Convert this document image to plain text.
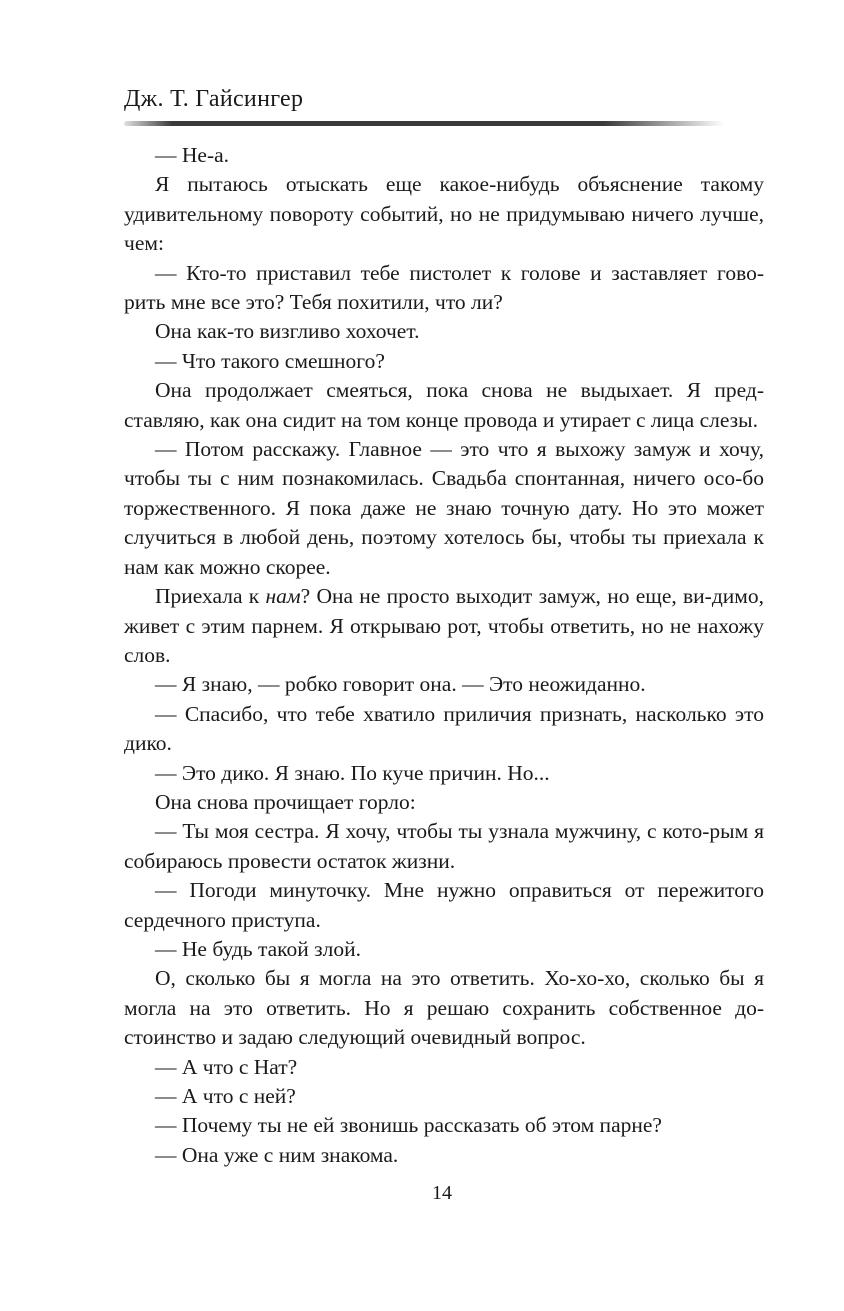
Дж. Т. Гайсингер

— Не-а.

Я пытаюсь отыскать еще какое-нибудь объяснение такому удивительному повороту событий, но не придумываю ничего лучше, чем:

— Кто-то приставил тебе пистолет к голове и заставляет гово-рить мне все это? Тебя похитили, что ли?

Она как-то визгливо хохочет.

— Что такого смешного?

Она продолжает смеяться, пока снова не выдыхает. Я пред-ставляю, как она сидит на том конце провода и утирает с лица слезы.

— Потом расскажу. Главное — это что я выхожу замуж и хочу, чтобы ты с ним познакомилась. Свадьба спонтанная, ничего осо-бо торжественного. Я пока даже не знаю точную дату. Но это может случиться в любой день, поэтому хотелось бы, чтобы ты приехала к нам как можно скорее.

Приехала к нам? Она не просто выходит замуж, но еще, ви-димо, живет с этим парнем. Я открываю рот, чтобы ответить, но не нахожу слов.

— Я знаю, — робко говорит она. — Это неожиданно.

— Спасибо, что тебе хватило приличия признать, насколько это дико.

— Это дико. Я знаю. По куче причин. Но...

Она снова прочищает горло:

— Ты моя сестра. Я хочу, чтобы ты узнала мужчину, с кото-рым я собираюсь провести остаток жизни.

— Погоди минуточку. Мне нужно оправиться от пережитого сердечного приступа.

— Не будь такой злой.

О, сколько бы я могла на это ответить. Хо-хо-хо, сколько бы я могла на это ответить. Но я решаю сохранить собственное до-стоинство и задаю следующий очевидный вопрос.

— А что с Нат?

— А что с ней?

— Почему ты не ей звонишь рассказать об этом парне?

— Она уже с ним знакома.

14
